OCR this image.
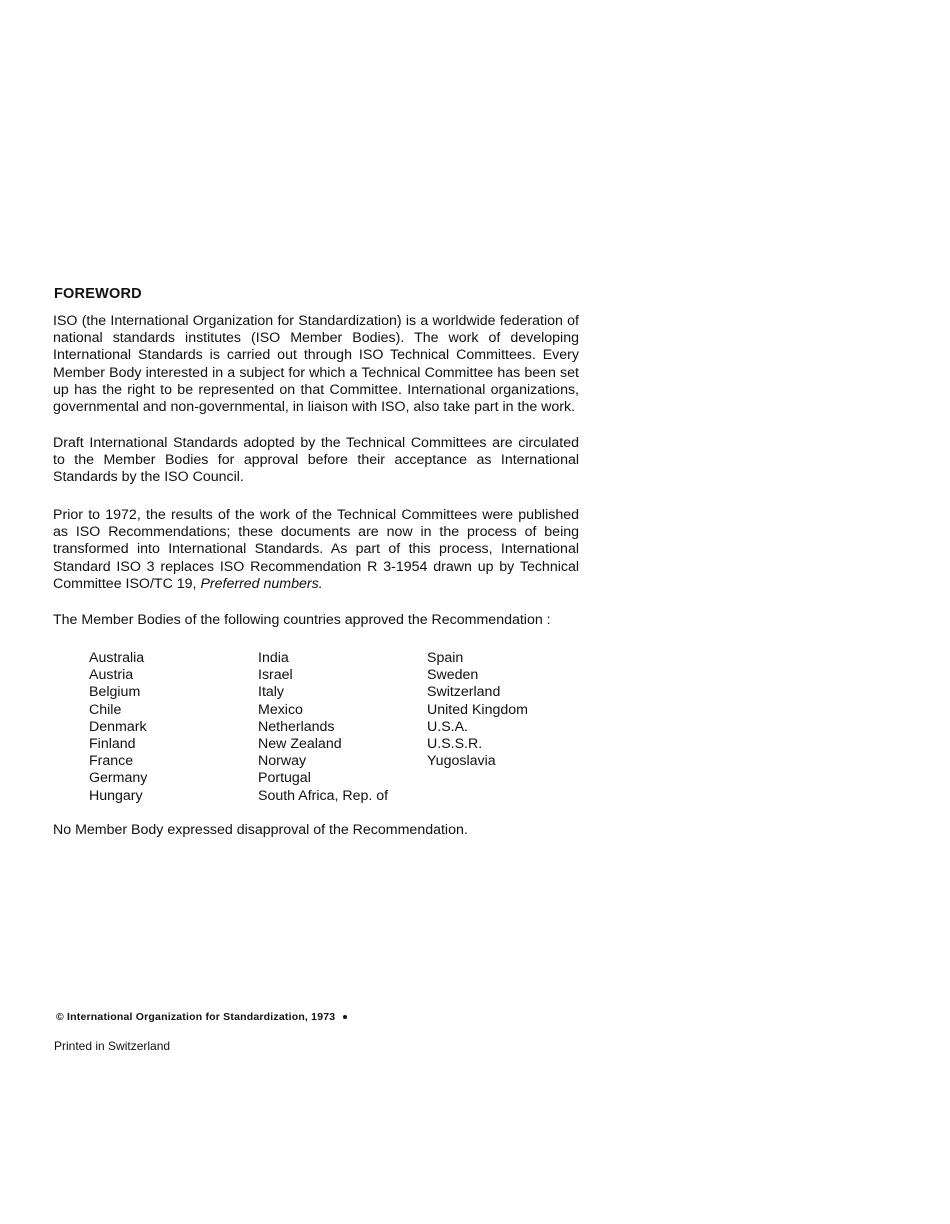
FOREWORD

ISO (the International Organization for Standardization) is a worldwide federation of national standards institutes (ISO Member Bodies). The work of developing International Standards is carried out through ISO Technical Committees. Every Member Body interested in a subject for which a Technical Committee has been set up has the right to be represented on that Committee. International organizations, governmental and non-governmental, in liaison with ISO, also take part in the work.

Draft International Standards adopted by the Technical Committees are circulated to the Member Bodies for approval before their acceptance as International Standards by the ISO Council.

Prior to 1972, the results of the work of the Technical Committees were published as ISO Recommendations; these documents are now in the process of being transformed into International Standards. As part of this process, International Standard ISO 3 replaces ISO Recommendation R 3-1954 drawn up by Technical Committee ISO/TC 19, Preferred numbers.

The Member Bodies of the following countries approved the Recommendation :

Australia
Austria
Belgium
Chile
Denmark
Finland
France
Germany
Hungary
India
Israel
Italy
Mexico
Netherlands
New Zealand
Norway
Portugal
South Africa, Rep. of
Spain
Sweden
Switzerland
United Kingdom
U.S.A.
U.S.S.R.
Yugoslavia

No Member Body expressed disapproval of the Recommendation.

© International Organization for Standardization, 1973
Printed in Switzerland
